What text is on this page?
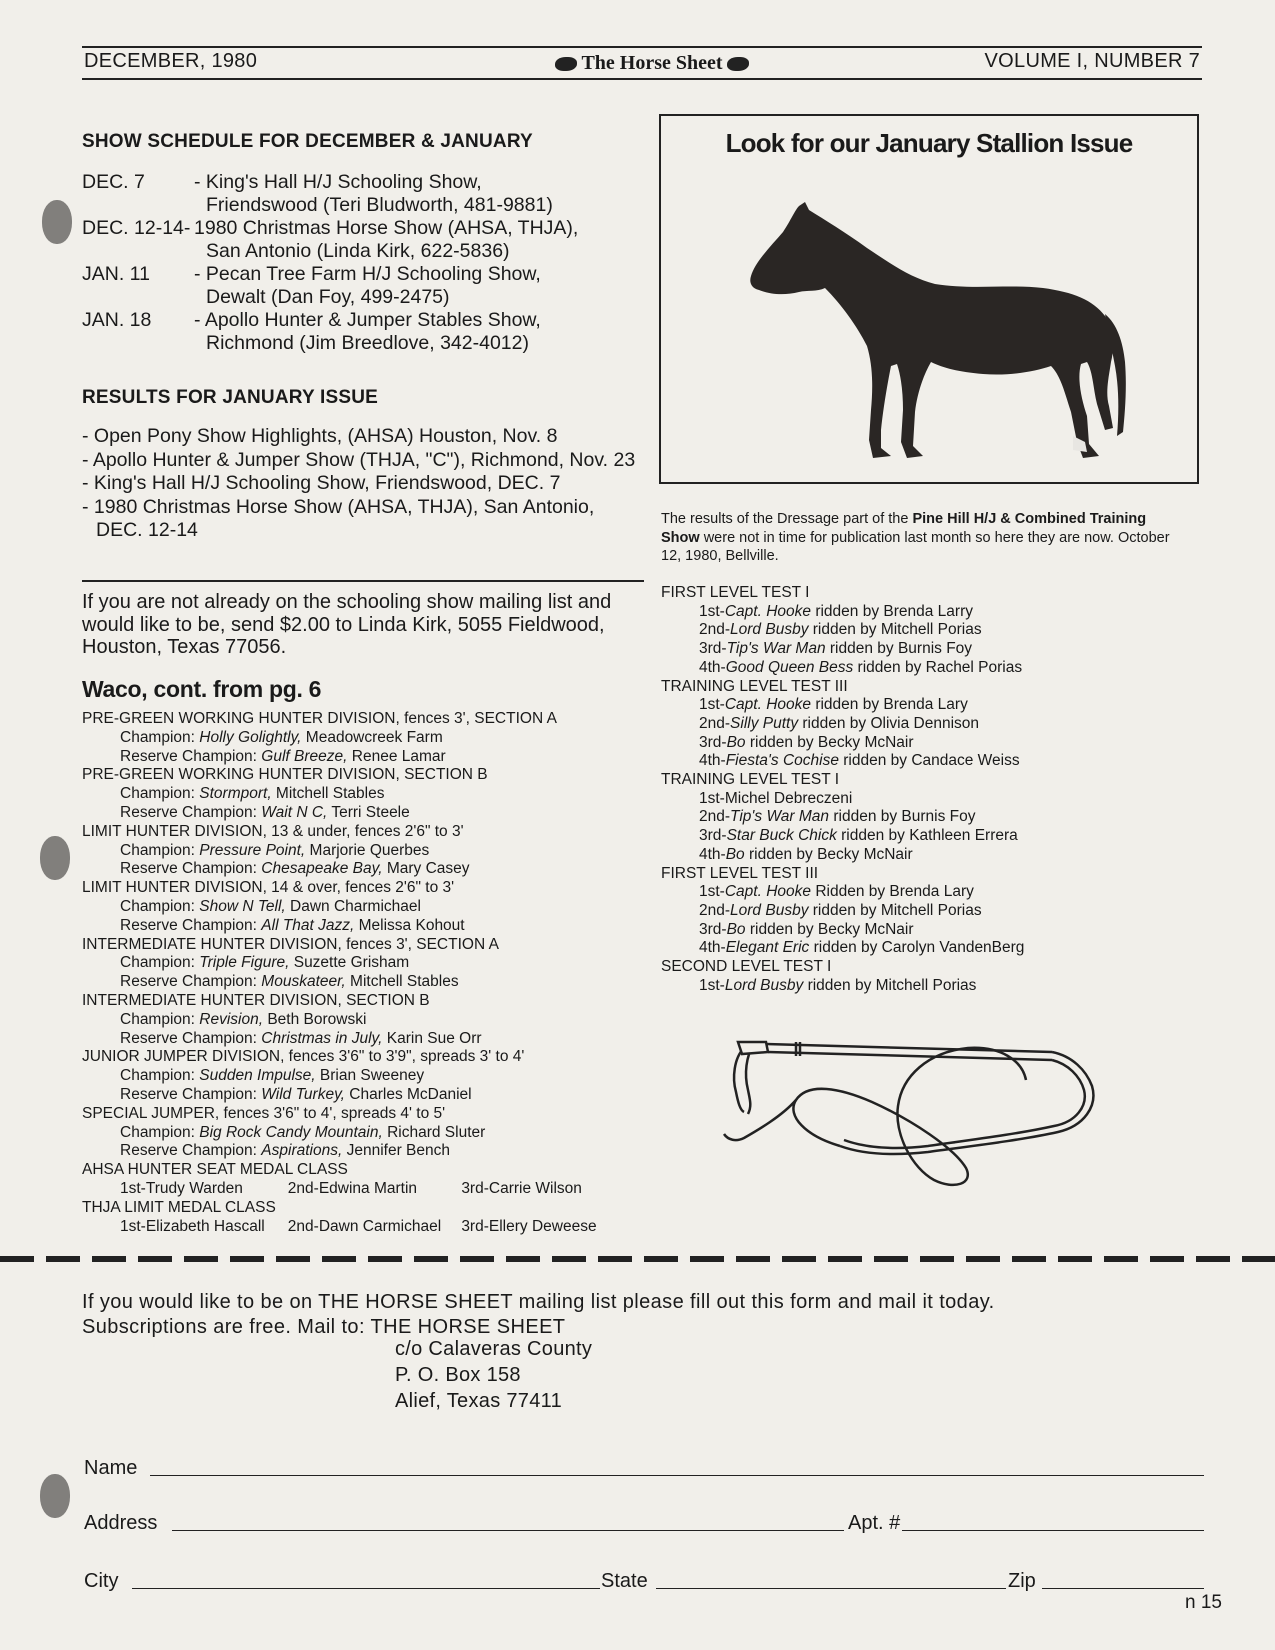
DECEMBER, 1980	The Horse Sheet	VOLUME I, NUMBER 7
SHOW SCHEDULE FOR DECEMBER & JANUARY
DEC. 7	- King's Hall H/J Schooling Show,
Friendswood (Teri Bludworth, 481-9881)
DEC. 12-14- 1980 Christmas Horse Show (AHSA, THJA),
San Antonio (Linda Kirk, 622-5836)
JAN. 11	- Pecan Tree Farm H/J Schooling Show,
Dewalt (Dan Foy, 499-2475)
JAN. 18	- Apollo Hunter & Jumper Stables Show,
Richmond (Jim Breedlove, 342-4012)
RESULTS FOR JANUARY ISSUE
- Open Pony Show Highlights, (AHSA) Houston, Nov. 8
- Apollo Hunter & Jumper Show (THJA, "C"), Richmond, Nov. 23
- King's Hall H/J Schooling Show, Friendswood, DEC. 7
- 1980 Christmas Horse Show (AHSA, THJA), San Antonio, DEC. 12-14
If you are not already on the schooling show mailing list and would like to be, send $2.00 to Linda Kirk, 5055 Fieldwood, Houston, Texas 77056.
Waco, cont. from pg. 6
PRE-GREEN WORKING HUNTER DIVISION, fences 3', SECTION A
Champion: Holly Golightly, Meadowcreek Farm
Reserve Champion: Gulf Breeze, Renee Lamar
PRE-GREEN WORKING HUNTER DIVISION, SECTION B
Champion: Stormport, Mitchell Stables
Reserve Champion: Wait N C, Terri Steele
LIMIT HUNTER DIVISION, 13 & under, fences 2'6" to 3'
Champion: Pressure Point, Marjorie Querbes
Reserve Champion: Chesapeake Bay, Mary Casey
LIMIT HUNTER DIVISION, 14 & over, fences 2'6" to 3'
Champion: Show N Tell, Dawn Charmichael
Reserve Champion: All That Jazz, Melissa Kohout
INTERMEDIATE HUNTER DIVISION, fences 3', SECTION A
Champion: Triple Figure, Suzette Grisham
Reserve Champion: Mouskateer, Mitchell Stables
INTERMEDIATE HUNTER DIVISION, SECTION B
Champion: Revision, Beth Borowski
Reserve Champion: Christmas in July, Karin Sue Orr
JUNIOR JUMPER DIVISION, fences 3'6" to 3'9", spreads 3' to 4'
Champion: Sudden Impulse, Brian Sweeney
Reserve Champion: Wild Turkey, Charles McDaniel
SPECIAL JUMPER, fences 3'6" to 4', spreads 4' to 5'
Champion: Big Rock Candy Mountain, Richard Sluter
Reserve Champion: Aspirations, Jennifer Bench
AHSA HUNTER SEAT MEDAL CLASS
1st-Trudy Warden	2nd-Edwina Martin	3rd-Carrie Wilson
THJA LIMIT MEDAL CLASS
1st-Elizabeth Hascall	2nd-Dawn Carmichael	3rd-Ellery Deweese
Look for our January Stallion Issue
The results of the Dressage part of the Pine Hill H/J & Combined Training Show were not in time for publication last month so here they are now. October 12, 1980, Bellville.
FIRST LEVEL TEST I
1st-Capt. Hooke ridden by Brenda Larry
2nd-Lord Busby ridden by Mitchell Porias
3rd-Tip's War Man ridden by Burnis Foy
4th-Good Queen Bess ridden by Rachel Porias
TRAINING LEVEL TEST III
1st-Capt. Hooke ridden by Brenda Lary
2nd-Silly Putty ridden by Olivia Dennison
3rd-Bo ridden by Becky McNair
4th-Fiesta's Cochise ridden by Candace Weiss
TRAINING LEVEL TEST I
1st-Michel Debreczeni
2nd-Tip's War Man ridden by Burnis Foy
3rd-Star Buck Chick ridden by Kathleen Errera
4th-Bo ridden by Becky McNair
FIRST LEVEL TEST III
1st-Capt. Hooke Ridden by Brenda Lary
2nd-Lord Busby ridden by Mitchell Porias
3rd-Bo ridden by Becky McNair
4th-Elegant Eric ridden by Carolyn VandenBerg
SECOND LEVEL TEST I
1st-Lord Busby ridden by Mitchell Porias
If you would like to be on THE HORSE SHEET mailing list please fill out this form and mail it today.
Subscriptions are free. Mail to: THE HORSE SHEET
c/o Calaveras County
P. O. Box 158
Alief, Texas 77411
Name
Address	Apt. #
City	State	Zip
n 15
